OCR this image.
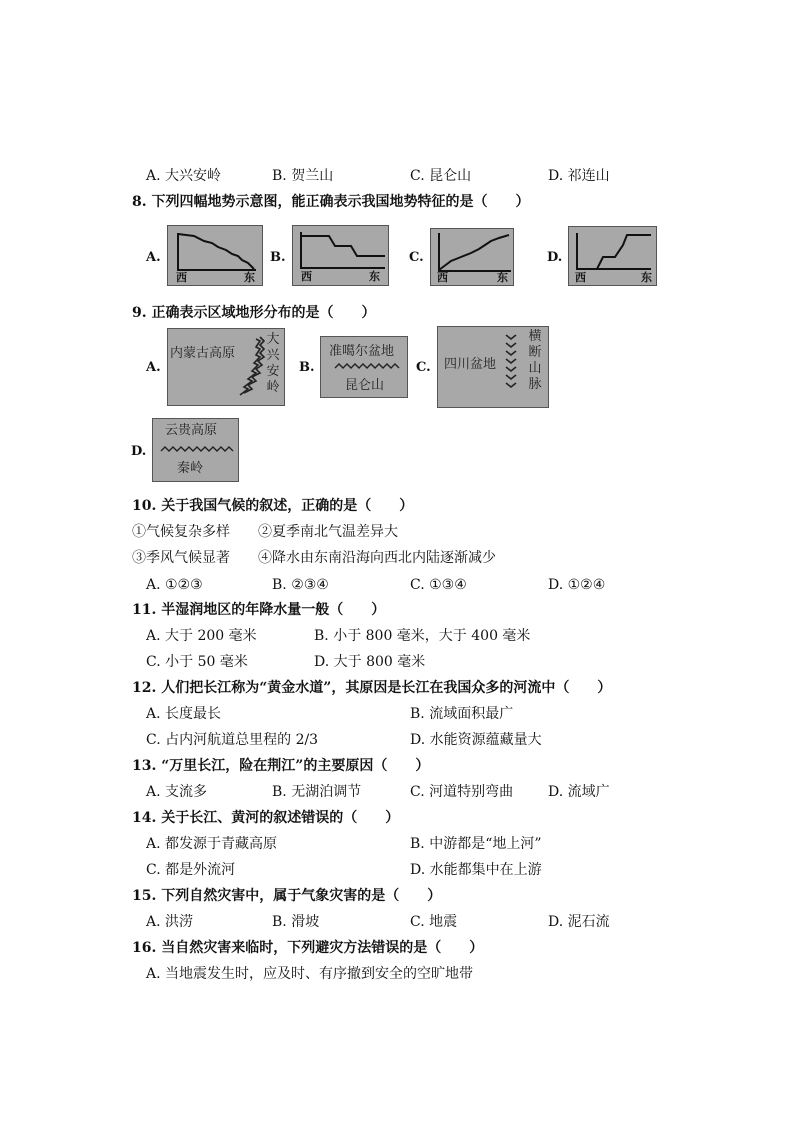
A. 大兴安岭	B. 贺兰山	C. 昆仑山	D. 祁连山
8. 下列四幅地势示意图，能正确表示我国地势特征的是（　　）
A.
西	东
B.
西	东
C.
西	东
D.
西	东
9. 正确表示区域地形分布的是（　　）
A.
内蒙古高原
大兴安岭
B.
准噶尔盆地
昆仑山
C. 四川盆地
横断山脉
D.
云贵高原
秦岭
10. 关于我国气候的叙述，正确的是（　　）
①气候复杂多样　　②夏季南北气温差异大
③季风气候显著　　④降水由东南沿海向西北内陆逐渐减少
A. ①②③	B. ②③④	C. ①③④	D. ①②④
11. 半湿润地区的年降水量一般（　　）
A. 大于 200 毫米	B. 小于 800 毫米，大于 400 毫米
C. 小于 50 毫米	D. 大于 800 毫米
12. 人们把长江称为“黄金水道”，其原因是长江在我国众多的河流中（　　）
A. 长度最长	B. 流域面积最广
C. 占内河航道总里程的 2/3	D. 水能资源蕴藏量大
13. “万里长江，险在荆江”的主要原因（　　）
A. 支流多	B. 无湖泊调节	C. 河道特别弯曲 D. 流域广
14. 关于长江、黄河的叙述错误的（　　）
A. 都发源于青藏高原	B. 中游都是“地上河”
C. 都是外流河	D. 水能都集中在上游
15. 下列自然灾害中，属于气象灾害的是（　　）
A. 洪涝	B. 滑坡	C. 地震	D. 泥石流
16. 当自然灾害来临时，下列避灾方法错误的是（　　）
A. 当地震发生时，应及时、有序撤到安全的空旷地带
